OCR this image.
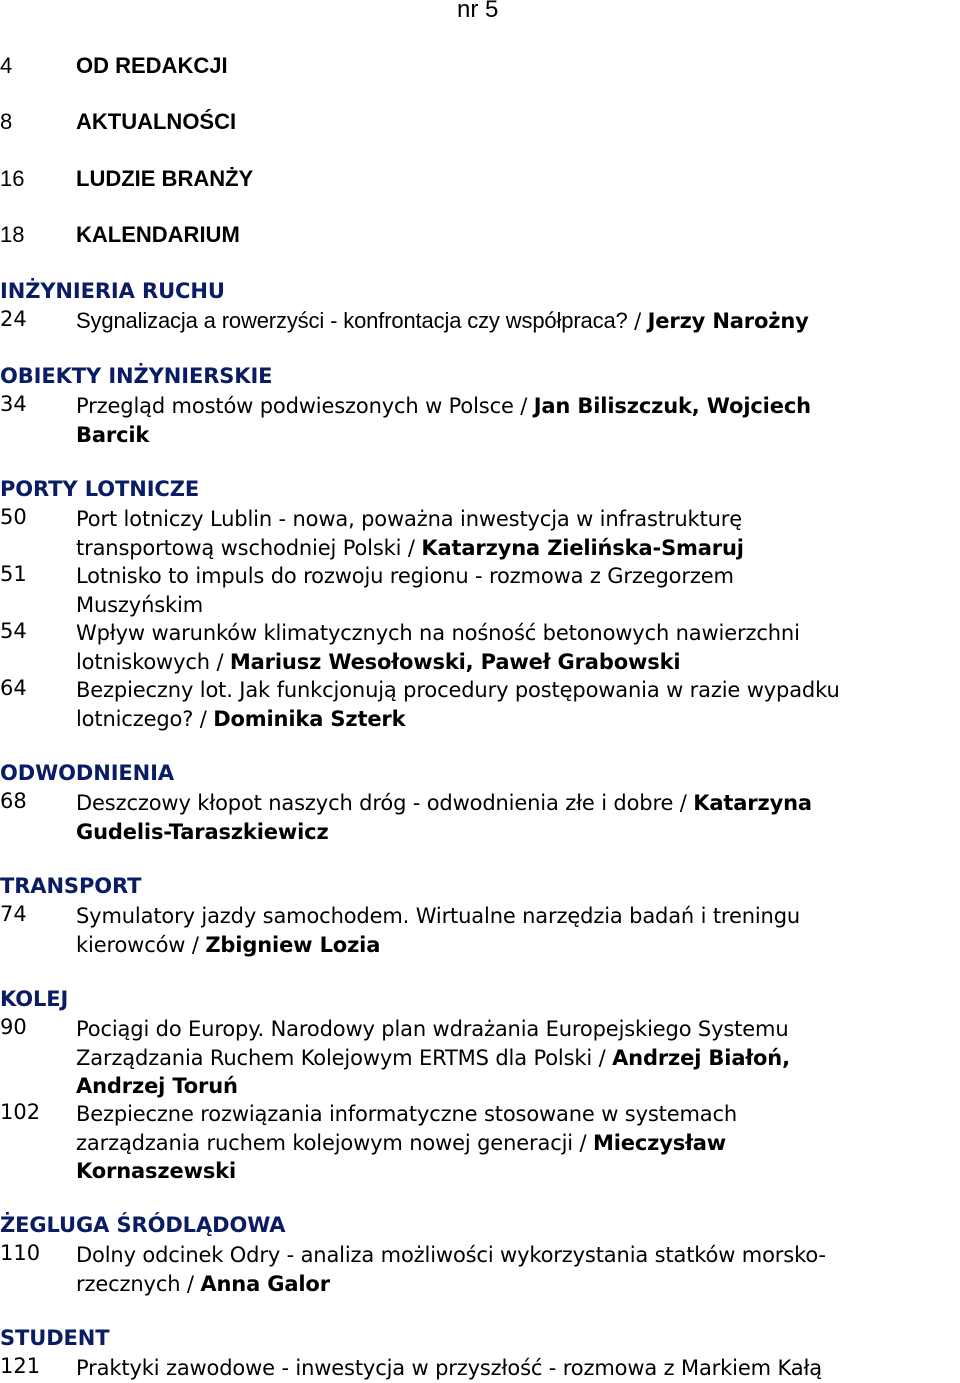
nr 5
4	OD REDAKCJI
8	AKTUALNOŚCI
16 LUDZIE BRANŻY
18 KALENDARIUM
INŻYNIERIA RUCHU
24 Sygnalizacja a rowerzyści - konfrontacja czy współpraca? / Jerzy Narożny
OBIEKTY INŻYNIERSKIE
34 Przegląd mostów podwieszonych w Polsce / Jan Biliszczuk, Wojciech
Barcik
PORTY LOTNICZE
50 Port lotniczy Lublin - nowa, poważna inwestycja w infrastrukturę
transportową wschodniej Polski / Katarzyna Zielińska-Smaruj
51 Lotnisko to impuls do rozwoju regionu - rozmowa z Grzegorzem
Muszyńskim
54 Wpływ warunków klimatycznych na nośność betonowych nawierzchni
lotniskowych / Mariusz Wesołowski, Paweł Grabowski
64 Bezpieczny lot. Jak funkcjonują procedury postępowania w razie wypadku
lotniczego? / Dominika Szterk
ODWODNIENIA
68 Deszczowy kłopot naszych dróg - odwodnienia złe i dobre / Katarzyna
Gudelis-Taraszkiewicz
TRANSPORT
74 Symulatory jazdy samochodem. Wirtualne narzędzia badań i treningu
kierowców / Zbigniew Lozia
KOLEJ
90 Pociągi do Europy. Narodowy plan wdrażania Europejskiego Systemu
Zarządzania Ruchem Kolejowym ERTMS dla Polski / Andrzej Białoń,
Andrzej Toruń
102 Bezpieczne rozwiązania informatyczne stosowane w systemach
zarządzania ruchem kolejowym nowej generacji / Mieczysław
Kornaszewski
ŻEGLUGA ŚRÓDLĄDOWA
110 Dolny odcinek Odry - analiza możliwości wykorzystania statków morsko-
rzecznych / Anna Galor
STUDENT
121 Praktyki zawodowe - inwestycja w przyszłość - rozmowa z Markiem Kałą
